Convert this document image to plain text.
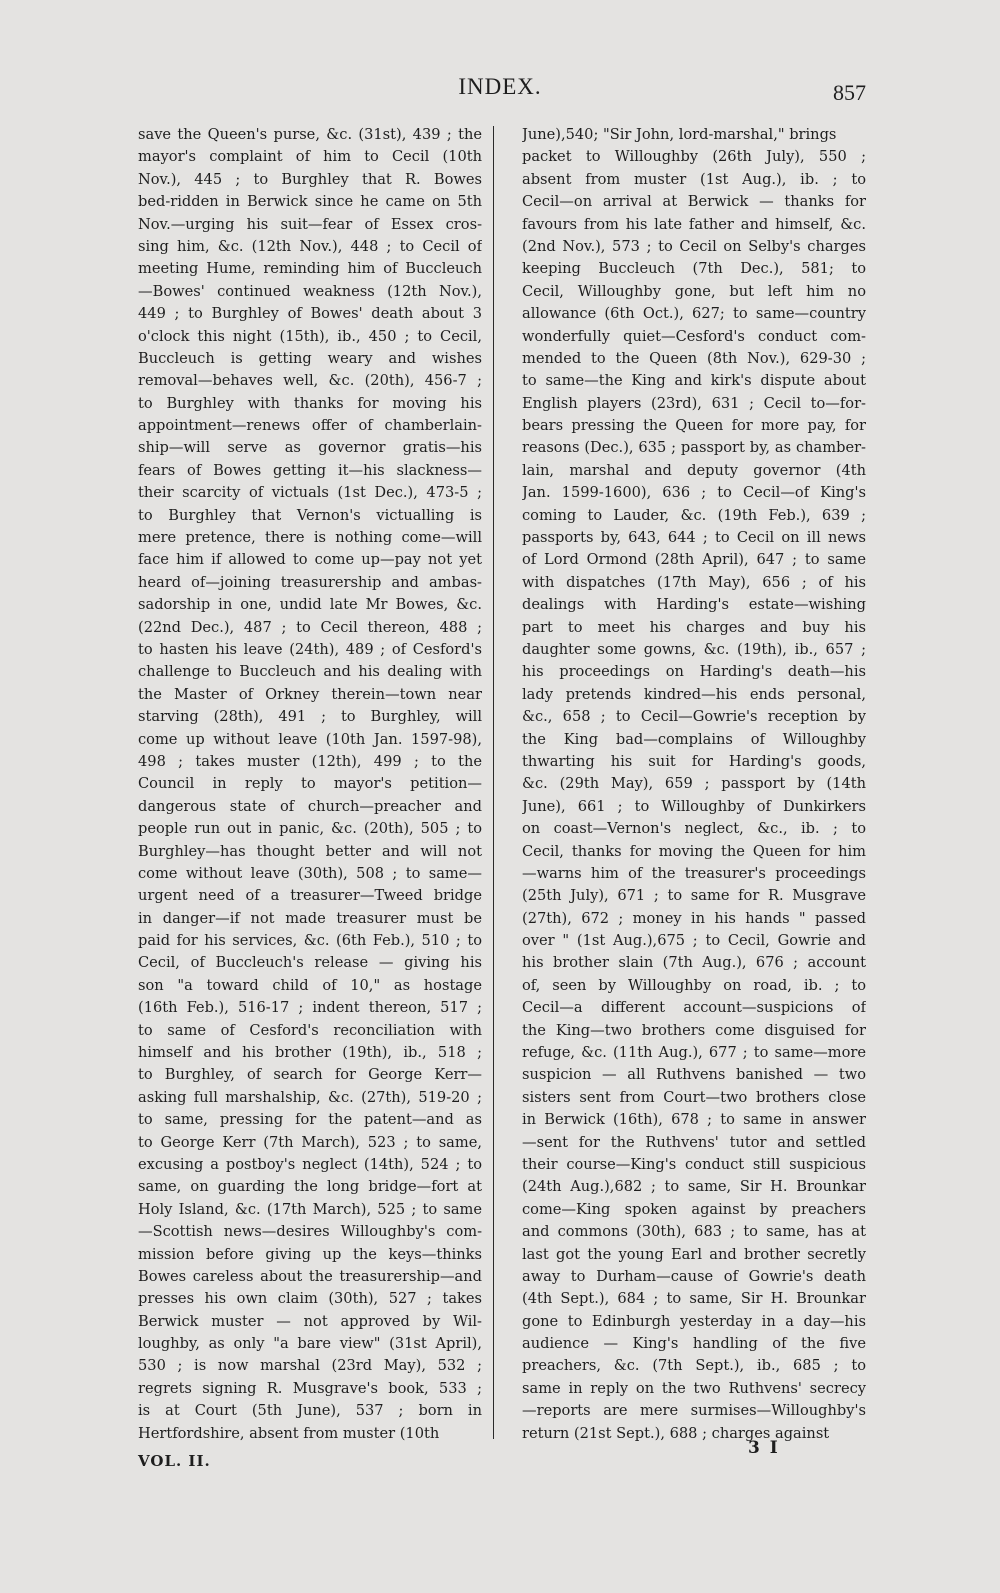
INDEX.	857
save the Queen's purse, &c. (31st), 439 ; the
mayor's complaint of him to Cecil (10th
Nov.), 445 ; to Burghley that R. Bowes
bed-ridden in Berwick since he came on 5th
Nov.—urging his suit—fear of Essex cros-
sing him, &c. (12th Nov.), 448 ; to Cecil of
meeting Hume, reminding him of Buccleuch
—Bowes' continued weakness (12th Nov.),
449 ; to Burghley of Bowes' death about 3
o'clock this night (15th), ib., 450 ; to Cecil,
Buccleuch is getting weary and wishes
removal—behaves well, &c. (20th), 456-7 ;
to Burghley with thanks for moving his
appointment—renews offer of chamberlain-
ship—will serve as governor gratis—his
fears of Bowes getting it—his slackness—
their scarcity of victuals (1st Dec.), 473-5 ;
to Burghley that Vernon's victualling is
mere pretence, there is nothing come—will
face him if allowed to come up—pay not yet
heard of—joining treasurership and ambas-
sadorship in one, undid late Mr Bowes, &c.
(22nd Dec.), 487 ; to Cecil thereon, 488 ;
to hasten his leave (24th), 489 ; of Cesford's
challenge to Buccleuch and his dealing with
the Master of Orkney therein—town near
starving (28th), 491 ; to Burghley, will
come up without leave (10th Jan. 1597-98),
498 ; takes muster (12th), 499 ; to the
Council in reply to mayor's petition—
dangerous state of church—preacher and
people run out in panic, &c. (20th), 505 ; to
Burghley—has thought better and will not
come without leave (30th), 508 ; to same—
urgent need of a treasurer—Tweed bridge
in danger—if not made treasurer must be
paid for his services, &c. (6th Feb.), 510 ; to
Cecil, of Buccleuch's release — giving his
son "a toward child of 10," as hostage
(16th Feb.), 516-17 ; indent thereon, 517 ;
to same of Cesford's reconciliation with
himself and his brother (19th), ib., 518 ;
to Burghley, of search for George Kerr—
asking full marshalship, &c. (27th), 519-20 ;
to same, pressing for the patent—and as
to George Kerr (7th March), 523 ; to same,
excusing a postboy's neglect (14th), 524 ; to
same, on guarding the long bridge—fort at
Holy Island, &c. (17th March), 525 ; to same
—Scottish news—desires Willoughby's com-
mission before giving up the keys—thinks
Bowes careless about the treasurership—and
presses his own claim (30th), 527 ; takes
Berwick muster — not approved by Wil-
loughby, as only "a bare view" (31st April),
530 ; is now marshal (23rd May), 532 ;
regrets signing R. Musgrave's book, 533 ;
is at Court (5th June), 537 ; born in
Hertfordshire, absent from muster (10th
June),540; "Sir John, lord-marshal," brings
packet to Willoughby (26th July), 550 ;
absent from muster (1st Aug.), ib. ; to
Cecil—on arrival at Berwick — thanks for
favours from his late father and himself, &c.
(2nd Nov.), 573 ; to Cecil on Selby's charges
keeping Buccleuch (7th Dec.), 581; to
Cecil, Willoughby gone, but left him no
allowance (6th Oct.), 627; to same—country
wonderfully quiet—Cesford's conduct com-
mended to the Queen (8th Nov.), 629-30 ;
to same—the King and kirk's dispute about
English players (23rd), 631 ; Cecil to—for-
bears pressing the Queen for more pay, for
reasons (Dec.), 635 ; passport by, as chamber-
lain, marshal and deputy governor (4th
Jan. 1599-1600), 636 ; to Cecil—of King's
coming to Lauder, &c. (19th Feb.), 639 ;
passports by, 643, 644 ; to Cecil on ill news
of Lord Ormond (28th April), 647 ; to same
with dispatches (17th May), 656 ; of his
dealings with Harding's estate—wishing
part to meet his charges and buy his
daughter some gowns, &c. (19th), ib., 657 ;
his proceedings on Harding's death—his
lady pretends kindred—his ends personal,
&c., 658 ; to Cecil—Gowrie's reception by
the King bad—complains of Willoughby
thwarting his suit for Harding's goods,
&c. (29th May), 659 ; passport by (14th
June), 661 ; to Willoughby of Dunkirkers
on coast—Vernon's neglect, &c., ib. ; to
Cecil, thanks for moving the Queen for him
—warns him of the treasurer's proceedings
(25th July), 671 ; to same for R. Musgrave
(27th), 672 ; money in his hands " passed
over " (1st Aug.),675 ; to Cecil, Gowrie and
his brother slain (7th Aug.), 676 ; account
of, seen by Willoughby on road, ib. ; to
Cecil—a different account—suspicions of
the King—two brothers come disguised for
refuge, &c. (11th Aug.), 677 ; to same—more
suspicion — all Ruthvens banished — two
sisters sent from Court—two brothers close
in Berwick (16th), 678 ; to same in answer
—sent for the Ruthvens' tutor and settled
their course—King's conduct still suspicious
(24th Aug.),682 ; to same, Sir H. Brounkar
come—King spoken against by preachers
and commons (30th), 683 ; to same, has at
last got the young Earl and brother secretly
away to Durham—cause of Gowrie's death
(4th Sept.), 684 ; to same, Sir H. Brounkar
gone to Edinburgh yesterday in a day—his
audience — King's handling of the five
preachers, &c. (7th Sept.), ib., 685 ; to
same in reply on the two Ruthvens' secrecy
—reports are mere surmises—Willoughby's
return (21st Sept.), 688 ; charges against
VOL. II.
3 I
